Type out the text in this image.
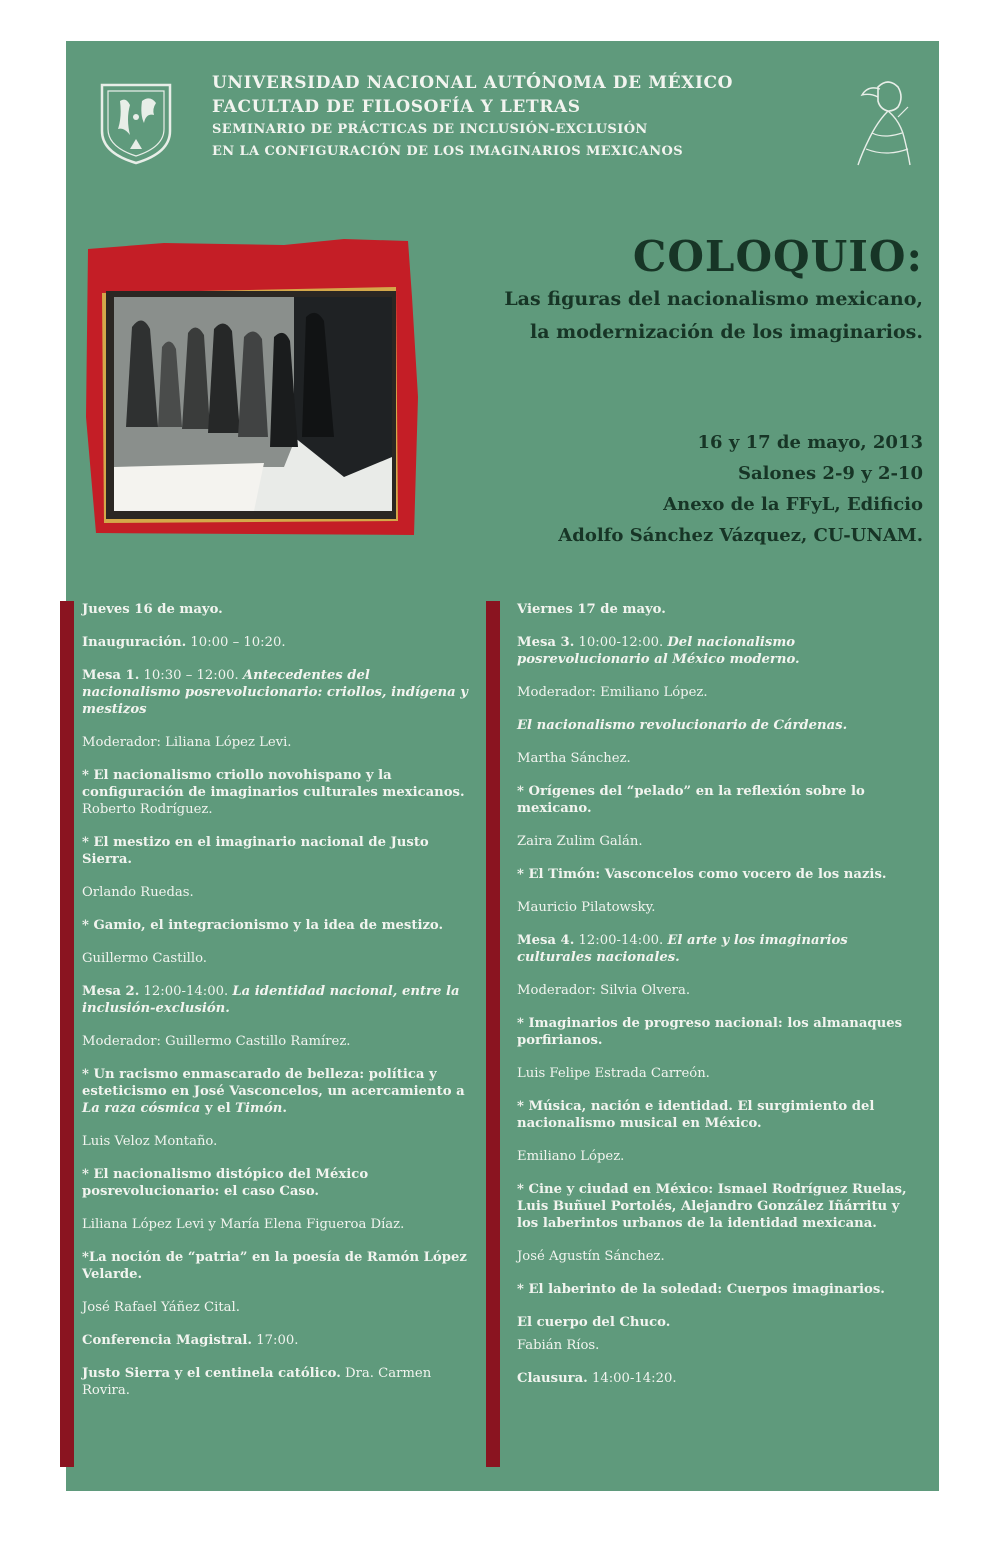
UNIVERSIDAD NACIONAL AUTÓNOMA DE MÉXICO
FACULTAD DE FILOSOFÍA Y LETRAS
SEMINARIO DE PRÁCTICAS DE INCLUSIÓN-EXCLUSIÓN
EN LA CONFIGURACIÓN DE LOS IMAGINARIOS MEXICANOS
COLOQUIO:
Las figuras del nacionalismo mexicano,
la modernización de los imaginarios.
16 y 17 de mayo, 2013
Salones 2-9 y 2-10
Anexo de la FFyL, Edificio
Adolfo Sánchez Vázquez, CU-UNAM.

Jueves 16 de mayo.

Inauguración. 10:00 – 10:20.

Mesa 1. 10:30 – 12:00. Antecedentes del nacionalismo posrevolucionario: criollos, indígena y mestizos

Moderador: Liliana López Levi.

* El nacionalismo criollo novohispano y la configuración de imaginarios culturales mexicanos. Roberto Rodríguez.

* El mestizo en el imaginario nacional de Justo Sierra.

Orlando Ruedas.

* Gamio, el integracionismo y la idea de mestizo.

Guillermo Castillo.

Mesa 2. 12:00-14:00. La identidad nacional, entre la inclusión-exclusión.

Moderador: Guillermo Castillo Ramírez.

* Un racismo enmascarado de belleza: política y esteticismo en José Vasconcelos, un acercamiento a La raza cósmica y el Timón.

Luis Veloz Montaño.

* El nacionalismo distópico del México posrevolucionario: el caso Caso.

Liliana López Levi y María Elena Figueroa Díaz.

*La noción de “patria” en la poesía de Ramón López Velarde.

José Rafael Yáñez Cital.

Conferencia Magistral. 17:00.

Justo Sierra y el centinela católico. Dra. Carmen Rovira.

Viernes 17 de mayo.

Mesa 3. 10:00-12:00. Del nacionalismo posrevolucionario al México moderno.

Moderador: Emiliano López.

El nacionalismo revolucionario de Cárdenas.

Martha Sánchez.

* Orígenes del “pelado” en la reflexión sobre lo mexicano.

Zaira Zulim Galán.

* El Timón: Vasconcelos como vocero de los nazis.

Mauricio Pilatowsky.

Mesa 4. 12:00-14:00. El arte y los imaginarios culturales nacionales.

Moderador: Silvia Olvera.

* Imaginarios de progreso nacional: los almanaques porfirianos.

Luis Felipe Estrada Carreón.

* Música, nación e identidad. El surgimiento del nacionalismo musical en México.

Emiliano López.

* Cine y ciudad en México: Ismael Rodríguez Ruelas, Luis Buñuel Portolés, Alejandro González Iñárritu y los laberintos urbanos de la identidad mexicana.

José Agustín Sánchez.

* El laberinto de la soledad: Cuerpos imaginarios.

El cuerpo del Chuco.

Fabián Ríos.

Clausura. 14:00-14:20.
